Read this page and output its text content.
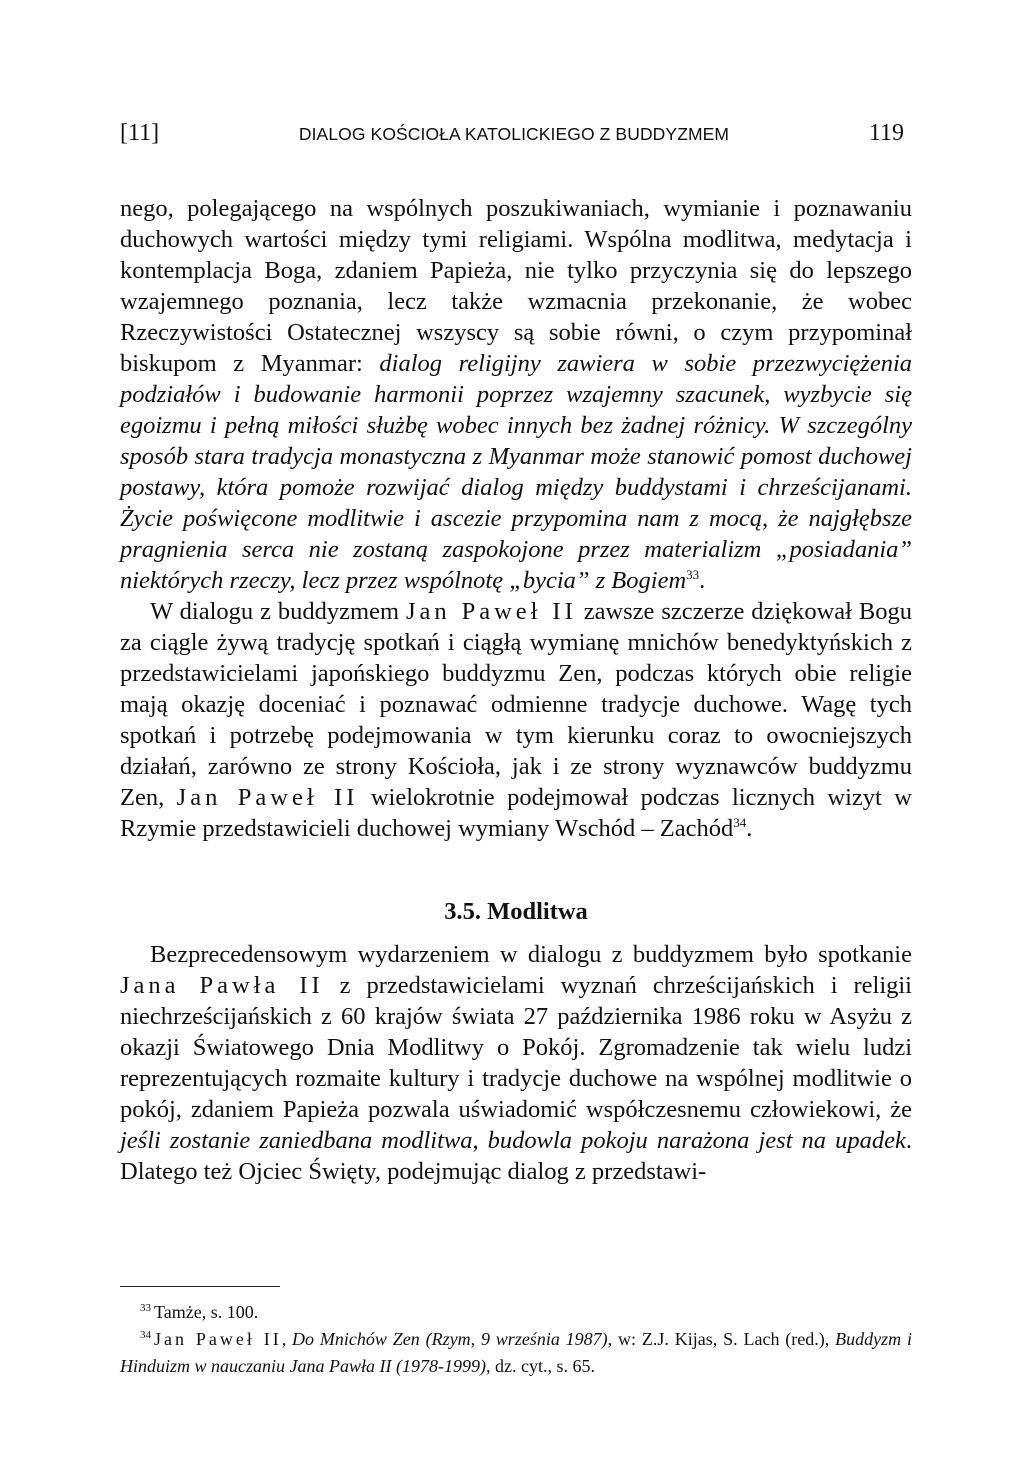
[11]	DIALOG KOŚCIOŁA KATOLICKIEGO Z BUDDYZMEM	119

nego, polegającego na wspólnych poszukiwaniach, wymianie i poznawaniu duchowych wartości między tymi religiami. Wspólna modlitwa, medytacja i kontemplacja Boga, zdaniem Papieża, nie tylko przyczynia się do lepszego wzajemnego poznania, lecz także wzmacnia przekonanie, że wobec Rzeczywistości Ostatecznej wszyscy są sobie równi, o czym przypominał biskupom z Myanmar: dialog religijny zawiera w sobie przezwyciężenia podziałów i budowanie harmonii poprzez wzajemny szacunek, wyzbycie się egoizmu i pełną miłości służbę wobec innych bez żadnej różnicy. W szczególny sposób stara tradycja monastyczna z Myanmar może stanowić pomost duchowej postawy, która pomoże rozwijać dialog między buddystami i chrześcijanami. Życie poświęcone modlitwie i ascezie przypomina nam z mocą, że najgłębsze pragnienia serca nie zostaną zaspokojone przez materializm „posiadania” niektórych rzeczy, lecz przez wspólnotę „bycia” z Bogiem$^{33}$.

W dialogu z buddyzmem Jan Paweł II zawsze szczerze dziękował Bogu za ciągle żywą tradycję spotkań i ciągłą wymianę mnichów benedyktyńskich z przedstawicielami japońskiego buddyzmu Zen, podczas których obie religie mają okazję doceniać i poznawać odmienne tradycje duchowe. Wagę tych spotkań i potrzebę podejmowania w tym kierunku coraz to owocniejszych działań, zarówno ze strony Kościoła, jak i ze strony wyznawców buddyzmu Zen, Jan Paweł II wielokrotnie podejmował podczas licznych wizyt w Rzymie przedstawicieli duchowej wymiany Wschód – Zachód$^{34}$.

3.5. Modlitwa

Bezprecedensowym wydarzeniem w dialogu z buddyzmem było spotkanie Jana Pawła II z przedstawicielami wyznań chrześcijańskich i religii niechrześcijańskich z 60 krajów świata 27 października 1986 roku w Asyżu z okazji Światowego Dnia Modlitwy o Pokój. Zgromadzenie tak wielu ludzi reprezentujących rozmaite kultury i tradycje duchowe na wspólnej modlitwie o pokój, zdaniem Papieża pozwala uświadomić współczesnemu człowiekowi, że jeśli zostanie zaniedbana modlitwa, budowla pokoju narażona jest na upadek. Dlatego też Ojciec Święty, podejmując dialog z przedstawi-

$^{33}$ Tamże, s. 100.

$^{34}$ Jan Paweł II, Do Mnichów Zen (Rzym, 9 września 1987), w: Z.J. Kijas, S. Lach (red.), Buddyzm i Hinduizm w nauczaniu Jana Pawła II (1978-1999), dz. cyt., s. 65.
